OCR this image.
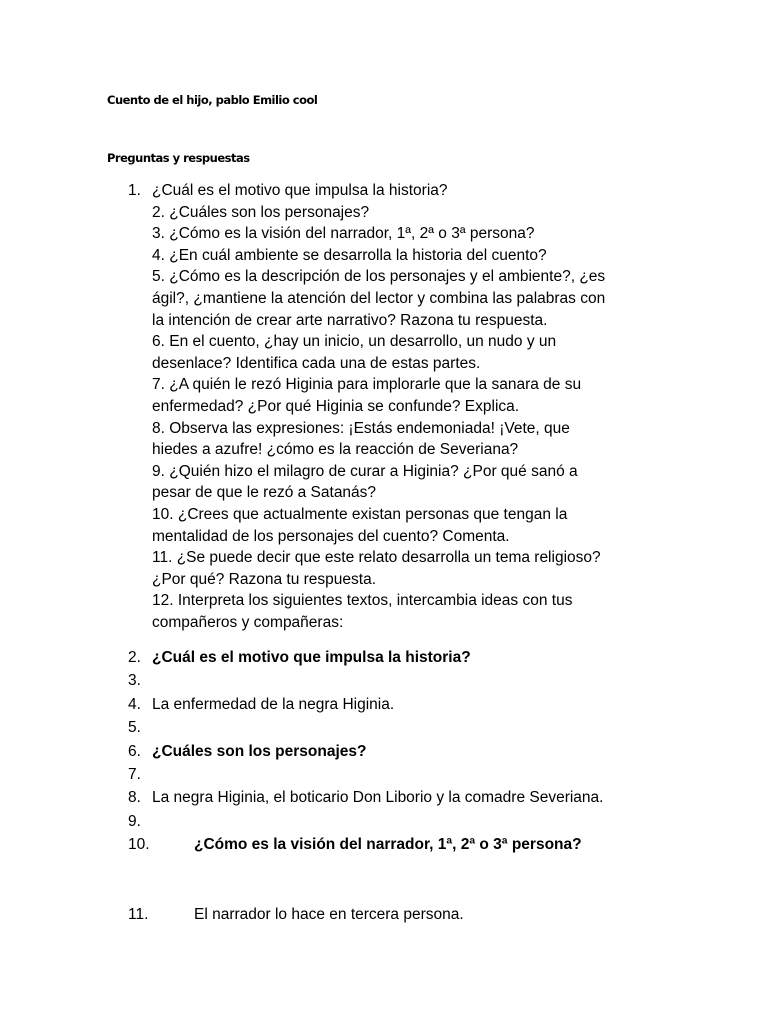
Cuento de el hijo, pablo Emilio cool
Preguntas y respuestas
1. ¿Cuál es el motivo que impulsa la historia?
2. ¿Cuáles son los personajes?
3. ¿Cómo es la visión del narrador, 1ª, 2ª o 3ª persona?
4. ¿En cuál ambiente se desarrolla la historia del cuento?
5. ¿Cómo es la descripción de los personajes y el ambiente?, ¿es
ágil?, ¿mantiene la atención del lector y combina las palabras con
la intención de crear arte narrativo? Razona tu respuesta.
6. En el cuento, ¿hay un inicio, un desarrollo, un nudo y un
desenlace? Identifica cada una de estas partes.
7. ¿A quién le rezó Higinia para implorarle que la sanara de su
enfermedad? ¿Por qué Higinia se confunde? Explica.
8. Observa las expresiones: ¡Estás endemoniada! ¡Vete, que
hiedes a azufre! ¿cómo es la reacción de Severiana?
9. ¿Quién hizo el milagro de curar a Higinia? ¿Por qué sanó a
pesar de que le rezó a Satanás?
10. ¿Crees que actualmente existan personas que tengan la
mentalidad de los personajes del cuento? Comenta.
11. ¿Se puede decir que este relato desarrolla un tema religioso?
¿Por qué? Razona tu respuesta.
12. Interpreta los siguientes textos, intercambia ideas con tus
compañeros y compañeras:
2. ¿Cuál es el motivo que impulsa la historia?
3.
4. La enfermedad de la negra Higinia.
5.
6. ¿Cuáles son los personajes?
7.
8. La negra Higinia, el boticario Don Liborio y la comadre Severiana.
9.
10.	¿Cómo es la visión del narrador, 1ª, 2ª o 3ª persona?
11.	El narrador lo hace en tercera persona.
